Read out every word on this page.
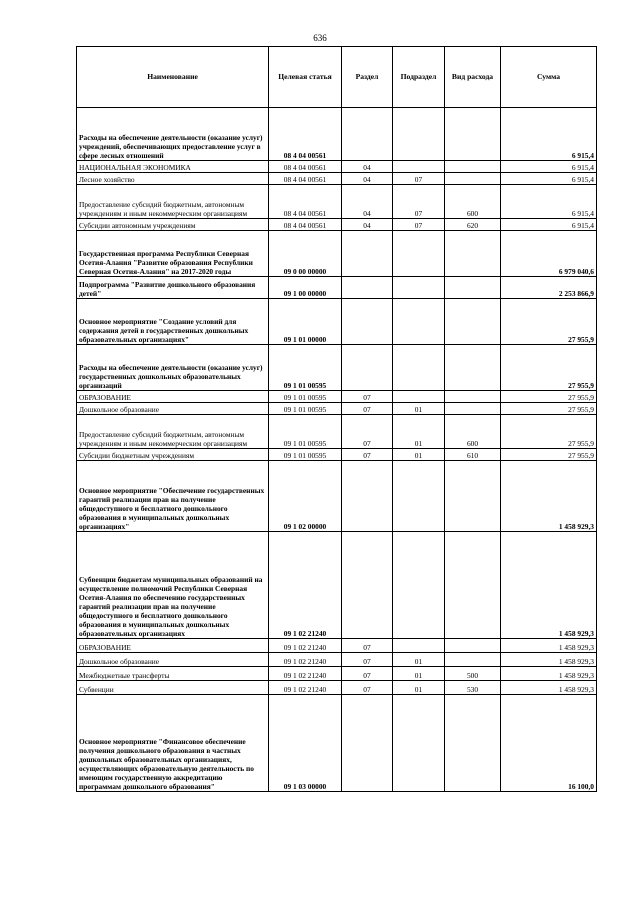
636
Наименование	Целевая статья	Раздел	Подраздел	Вид расхода	Сумма
Расходы на обеспечение деятельности (оказание услуг) учреждений, обеспечивающих предоставление услуг в сфере лесных отношений	08 4 04 00561				6 915,4
НАЦИОНАЛЬНАЯ ЭКОНОМИКА	08 4 04 00561	04			6 915,4
Лесное хозяйство	08 4 04 00561	04	07		6 915,4
Предоставление субсидий бюджетным, автономным учреждениям и иным некоммерческим организациям	08 4 04 00561	04	07	600	6 915,4
Субсидии автономным учреждениям	08 4 04 00561	04	07	620	6 915,4
Государственная программа Республики Северная Осетия-Алания "Развитие образования Республики Северная Осетия-Алания" на 2017-2020 годы	09 0 00 00000				6 979 040,6
Подпрограмма "Развитие дошкольного образования детей"	09 1 00 00000				2 253 866,9
Основное мероприятие "Создание условий для содержания детей в государственных дошкольных образовательных организациях"	09 1 01 00000				27 955,9
Расходы на обеспечение деятельности (оказание услуг) государственных дошкольных образовательных организаций	09 1 01 00595				27 955,9
ОБРАЗОВАНИЕ	09 1 01 00595	07			27 955,9
Дошкольное образование	09 1 01 00595	07	01		27 955,9
Предоставление субсидий бюджетным, автономным учреждениям и иным некоммерческим организациям	09 1 01 00595	07	01	600	27 955,9
Субсидии бюджетным учреждениям	09 1 01 00595	07	01	610	27 955,9
Основное мероприятие "Обеспечение государственных гарантий реализации прав на получение общедоступного и бесплатного дошкольного образования в муниципальных дошкольных организациях"	09 1 02 00000				1 458 929,3
Субвенции бюджетам муниципальных образований на осуществление полномочий Республики Северная Осетия-Алания по обеспечению государственных гарантий реализации прав на получение общедоступного и бесплатного дошкольного образования в муниципальных дошкольных образовательных организациях	09 1 02 21240				1 458 929,3
ОБРАЗОВАНИЕ	09 1 02 21240	07			1 458 929,3
Дошкольное образование	09 1 02 21240	07	01		1 458 929,3
Межбюджетные трансферты	09 1 02 21240	07	01	500	1 458 929,3
Субвенции	09 1 02 21240	07	01	530	1 458 929,3
Основное мероприятие "Финансовое обеспечение получения дошкольного образования в частных дошкольных образовательных организациях, осуществляющих образовательную деятельность по имеющим государственную аккредитацию программам дошкольного образования"	09 1 03 00000				16 100,0
